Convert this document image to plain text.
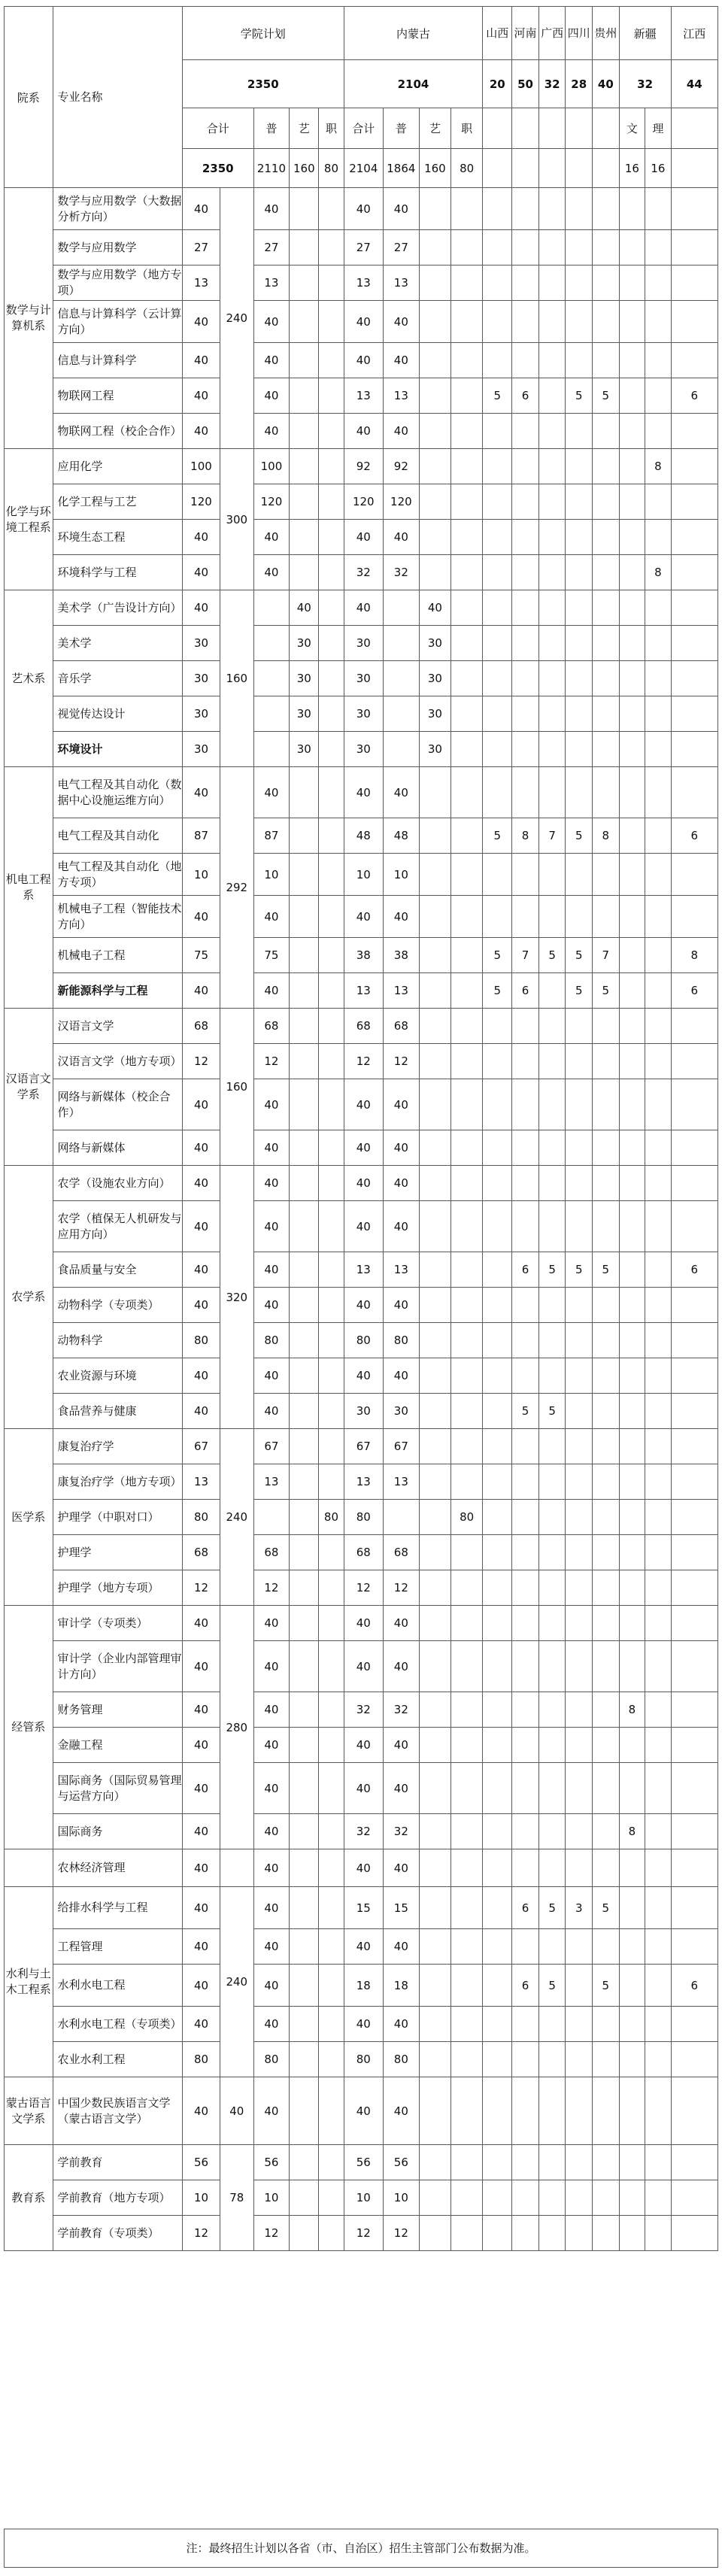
院系	专业名称	学院计划					内蒙古				山西	河南	广西	四川	贵州	新疆		江西
		2350					2104				20	50	32	28	40	32		44
		合计		普	艺	职	合计	普	艺	职						文	理	
		2350		2110	160	80	2104	1864	160	80						16	16	
数学与计算机系	数学与应用数学（大数据分析方向）	40	240	40			40	40										
	数学与应用数学	27		27			27	27										
	数学与应用数学（地方专项）	13		13			13	13										
	信息与计算科学（云计算方向）	40		40			40	40										
	信息与计算科学	40		40			40	40										
	物联网工程	40		40			13	13			5	6		5	5			6
	物联网工程（校企合作）	40		40			40	40										
化学与环境工程系	应用化学	100	300	100			92	92									8	
	化学工程与工艺	120		120			120	120										
	环境生态工程	40		40			40	40										
	环境科学与工程	40		40			32	32									8	
艺术系	美术学（广告设计方向）	40	160		40		40		40									
	美术学	30			30		30		30									
	音乐学	30			30		30		30									
	视觉传达设计	30			30		30		30									
	环境设计	30			30		30		30									
机电工程系	电气工程及其自动化（数据中心设施运维方向）	40	292	40			40	40										
	电气工程及其自动化	87		87			48	48			5	8	7	5	8			6
	电气工程及其自动化（地方专项）	10		10			10	10										
	机械电子工程（智能技术方向）	40		40			40	40										
	机械电子工程	75		75			38	38			5	7	5	5	7			8
	新能源科学与工程	40		40			13	13			5	6		5	5			6
汉语言文学系	汉语言文学	68	160	68			68	68										
	汉语言文学（地方专项）	12		12			12	12										
	网络与新媒体（校企合作）	40		40			40	40										
	网络与新媒体	40		40			40	40										
农学系	农学（设施农业方向）	40	320	40			40	40										
	农学（植保无人机研发与应用方向）	40		40			40	40										
	食品质量与安全	40		40			13	13				6	5	5	5			6
	动物科学（专项类）	40		40			40	40										
	动物科学	80		80			80	80										
	农业资源与环境	40		40			40	40										
	食品营养与健康	40		40			30	30				5	5					
医学系	康复治疗学	67	240	67			67	67										
	康复治疗学（地方专项）	13		13			13	13										
	护理学（中职对口）	80				80	80			80								
	护理学	68		68			68	68										
	护理学（地方专项）	12		12			12	12										
经管系	审计学（专项类）	40	280	40			40	40										
	审计学（企业内部管理审计方向）	40		40			40	40										
	财务管理	40		40			32	32								8		
	金融工程	40		40			40	40										
	国际商务（国际贸易管理与运营方向）	40		40			40	40										
	国际商务	40		40			32	32								8		
	农林经济管理	40		40			40	40										
水利与土木工程系	给排水科学与工程	40	240	40			15	15				6	5	3	5			
	工程管理	40		40			40	40										
	水利水电工程	40		40			18	18				6	5		5			6
	水利水电工程（专项类）	40		40			40	40										
	农业水利工程	80		80			80	80										
蒙古语言文学系	中国少数民族语言文学（蒙古语言文学）	40	40	40			40	40										
教育系	学前教育	56	78	56			56	56										
	学前教育（地方专项）	10		10			10	10										
	学前教育（专项类）	12		12			12	12										
注：最终招生计划以各省（市、自治区）招生主管部门公布数据为准。
